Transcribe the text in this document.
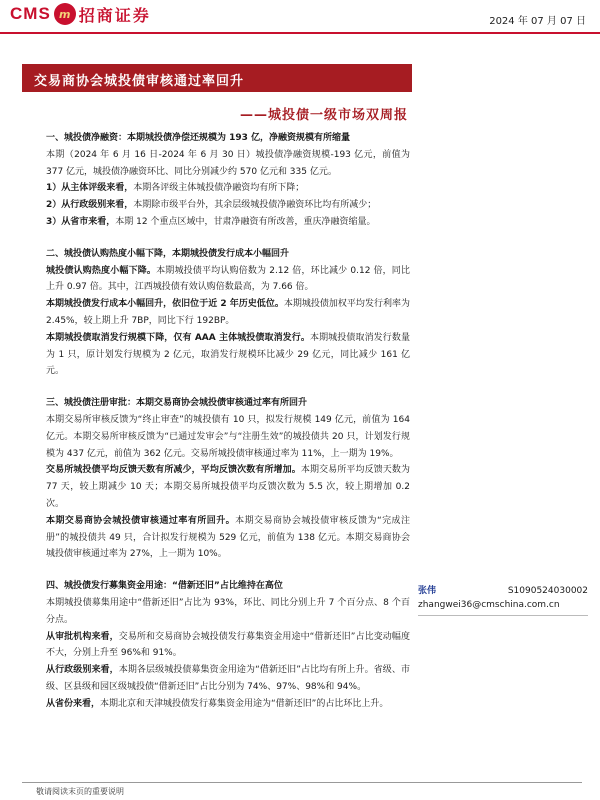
CMS m 招商证券	2024 年 07 月 07 日
交易商协会城投债审核通过率回升
——城投债一级市场双周报

一、城投债净融资：本期城投债净偿还规模为 193 亿，净融资规模有所缩量

本期（2024 年 6 月 16 日-2024 年 6 月 30 日）城投债净融资规模-193 亿元，前值为 377 亿元，城投债净融资环比、同比分别减少约 570 亿元和 335 亿元。

1）从主体评级来看，本期各评级主体城投债净融资均有所下降；

2）从行政级别来看，本期除市级平台外，其余层级城投债净融资环比均有所减少；

3）从省市来看，本期 12 个重点区域中，甘肃净融资有所改善，重庆净融资缩量。

二、城投债认购热度小幅下降，本期城投债发行成本小幅回升

城投债认购热度小幅下降。本期城投债平均认购倍数为 2.12 倍，环比减少 0.12 倍，同比上升 0.97 倍。其中，江西城投债有效认购倍数最高，为 7.66 倍。

本期城投债发行成本小幅回升，依旧位于近 2 年历史低位。本期城投债加权平均发行利率为 2.45%，较上期上升 7BP，同比下行 192BP。

本期城投债取消发行规模下降，仅有 AAA 主体城投债取消发行。本期城投债取消发行数量为 1 只，原计划发行规模为 2 亿元，取消发行规模环比减少 29 亿元，同比减少 161 亿元。

三、城投债注册审批：本期交易商协会城投债审核通过率有所回升

本期交易所审核反馈为“终止审查”的城投债有 10 只，拟发行规模 149 亿元，前值为 164 亿元。本期交易所审核反馈为“已通过发审会”与“注册生效”的城投债共 20 只，计划发行规模为 437 亿元，前值为 362 亿元。交易所城投债审核通过率为 11%，上一期为 19%。

交易所城投债平均反馈天数有所减少，平均反馈次数有所增加。本期交易所平均反馈天数为 77 天，较上期减少 10 天；本期交易所城投债平均反馈次数为 5.5 次，较上期增加 0.2 次。

本期交易商协会城投债审核通过率有所回升。本期交易商协会城投债审核反馈为“完成注册”的城投债共 49 只，合计拟发行规模为 529 亿元，前值为 138 亿元。本期交易商协会城投债审核通过率为 27%，上一期为 10%。

四、城投债发行募集资金用途：“借新还旧”占比维持在高位

本期城投债募集用途中“借新还旧”占比为 93%，环比、同比分别上升 7 个百分点、8 个百分点。

从审批机构来看，交易所和交易商协会城投债发行募集资金用途中“借新还旧”占比变动幅度不大，分别上升至 96%和 91%。

从行政级别来看，本期各层级城投债募集资金用途为“借新还旧”占比均有所上升。省级、市级、区县级和园区级城投债“借新还旧”占比分别为 74%、97%、98%和 94%。

从省份来看，本期北京和天津城投债发行募集资金用途为“借新还旧”的占比环比上升。

张伟	S1090524030002
zhangwei36@cmschina.com.cn
敬请阅读末页的重要说明
